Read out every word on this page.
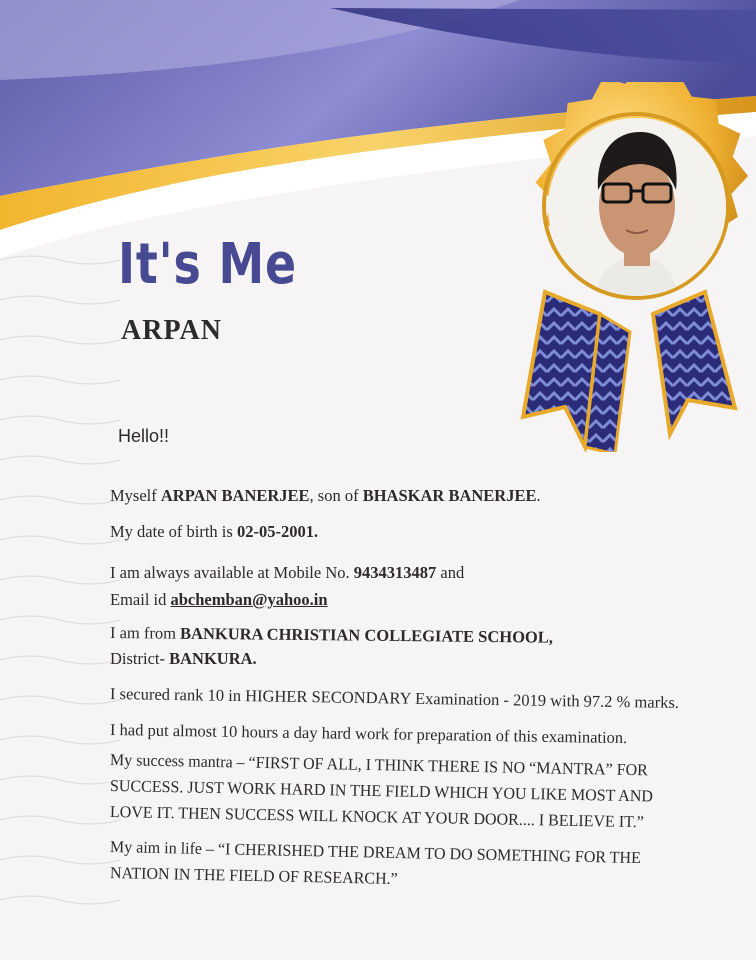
It's Me
ARPAN
Hello!!
Myself ARPAN BANERJEE, son of BHASKAR BANERJEE.
My date of birth is 02-05-2001.
I am always available at Mobile No. 9434313487 and
Email id abchemban@yahoo.in
I am from BANKURA CHRISTIAN COLLEGIATE SCHOOL,
District- BANKURA.
I secured rank 10 in HIGHER SECONDARY Examination - 2019 with 97.2 % marks.
I had put almost 10 hours a day hard work for preparation of this examination.
My success mantra – “FIRST OF ALL, I THINK THERE IS NO “MANTRA” FOR
SUCCESS. JUST WORK HARD IN THE FIELD WHICH YOU LIKE MOST AND
LOVE IT. THEN SUCCESS WILL KNOCK AT YOUR DOOR.... I BELIEVE IT.”
My aim in life – “I CHERISHED THE DREAM TO DO SOMETHING FOR THE
NATION IN THE FIELD OF RESEARCH.”
